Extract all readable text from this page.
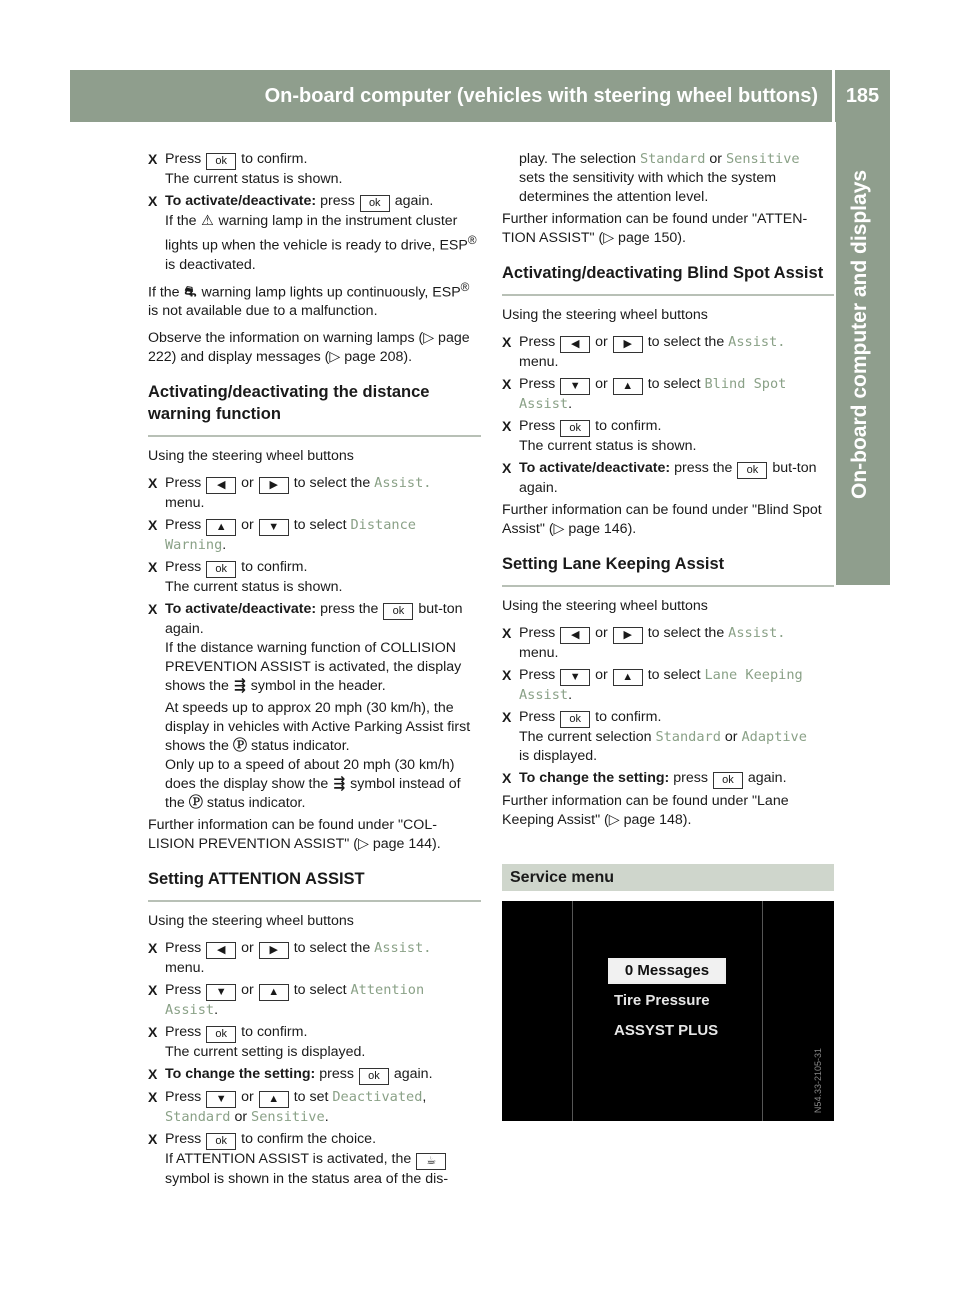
On-board computer (vehicles with steering wheel buttons)	185
On-board computer and displays
X Press ok to confirm.
The current status is shown.
X To activate/deactivate: press ok again.
If the ⚠ warning lamp in the instrument cluster lights up when the vehicle is ready to drive, ESP® is deactivated.

If the ⛐ warning lamp lights up continuously, ESP® is not available due to a malfunction.

Observe the information on warning lamps (▷ page 222) and display messages (▷ page 208).

Activating/deactivating the distance warning function

Using the steering wheel buttons

X Press ◀ or ▶ to select the Assist.
menu.
X Press ▲ or ▼ to select Distance
Warning.
X Press ok to confirm.
The current status is shown.
X To activate/deactivate: press the ok but-ton again.
If the distance warning function of COLLISION PREVENTION ASSIST is activated, the display shows the ⇶ symbol in the header.
At speeds up to approx 20 mph (30 km/h), the display in vehicles with Active Parking Assist first shows the Ⓟ status indicator.
Only up to a speed of about 20 mph (30 km/h) does the display show the ⇶ symbol instead of the Ⓟ status indicator.

Further information can be found under "COL-LISION PREVENTION ASSIST" (▷ page 144).

Setting ATTENTION ASSIST

Using the steering wheel buttons

X Press ◀ or ▶ to select the Assist.
menu.
X Press ▼ or ▲ to select Attention
Assist.
X Press ok to confirm.
The current setting is displayed.
X To change the setting: press ok again.
X Press ▼ or ▲ to set Deactivated,
Standard or Sensitive.
X Press ok to confirm the choice.
If ATTENTION ASSIST is activated, the ☕
symbol is shown in the status area of the dis-
play. The selection Standard or Sensitive
sets the sensitivity with which the system determines the attention level.

Further information can be found under "ATTEN-TION ASSIST" (▷ page 150).

Activating/deactivating Blind Spot Assist

Using the steering wheel buttons

X Press ◀ or ▶ to select the Assist.
menu.
X Press ▼ or ▲ to select Blind Spot
Assist.
X Press ok to confirm.
The current status is shown.
X To activate/deactivate: press the ok but-ton again.

Further information can be found under "Blind Spot Assist" (▷ page 146).

Setting Lane Keeping Assist

Using the steering wheel buttons

X Press ◀ or ▶ to select the Assist.
menu.
X Press ▼ or ▲ to select Lane Keeping
Assist.
X Press ok to confirm.
The current selection Standard or Adaptive
is displayed.
X To change the setting: press ok again.

Further information can be found under "Lane Keeping Assist" (▷ page 148).

Service menu
0 Messages
Tire Pressure
ASSYST PLUS
N54.33-2105-31
